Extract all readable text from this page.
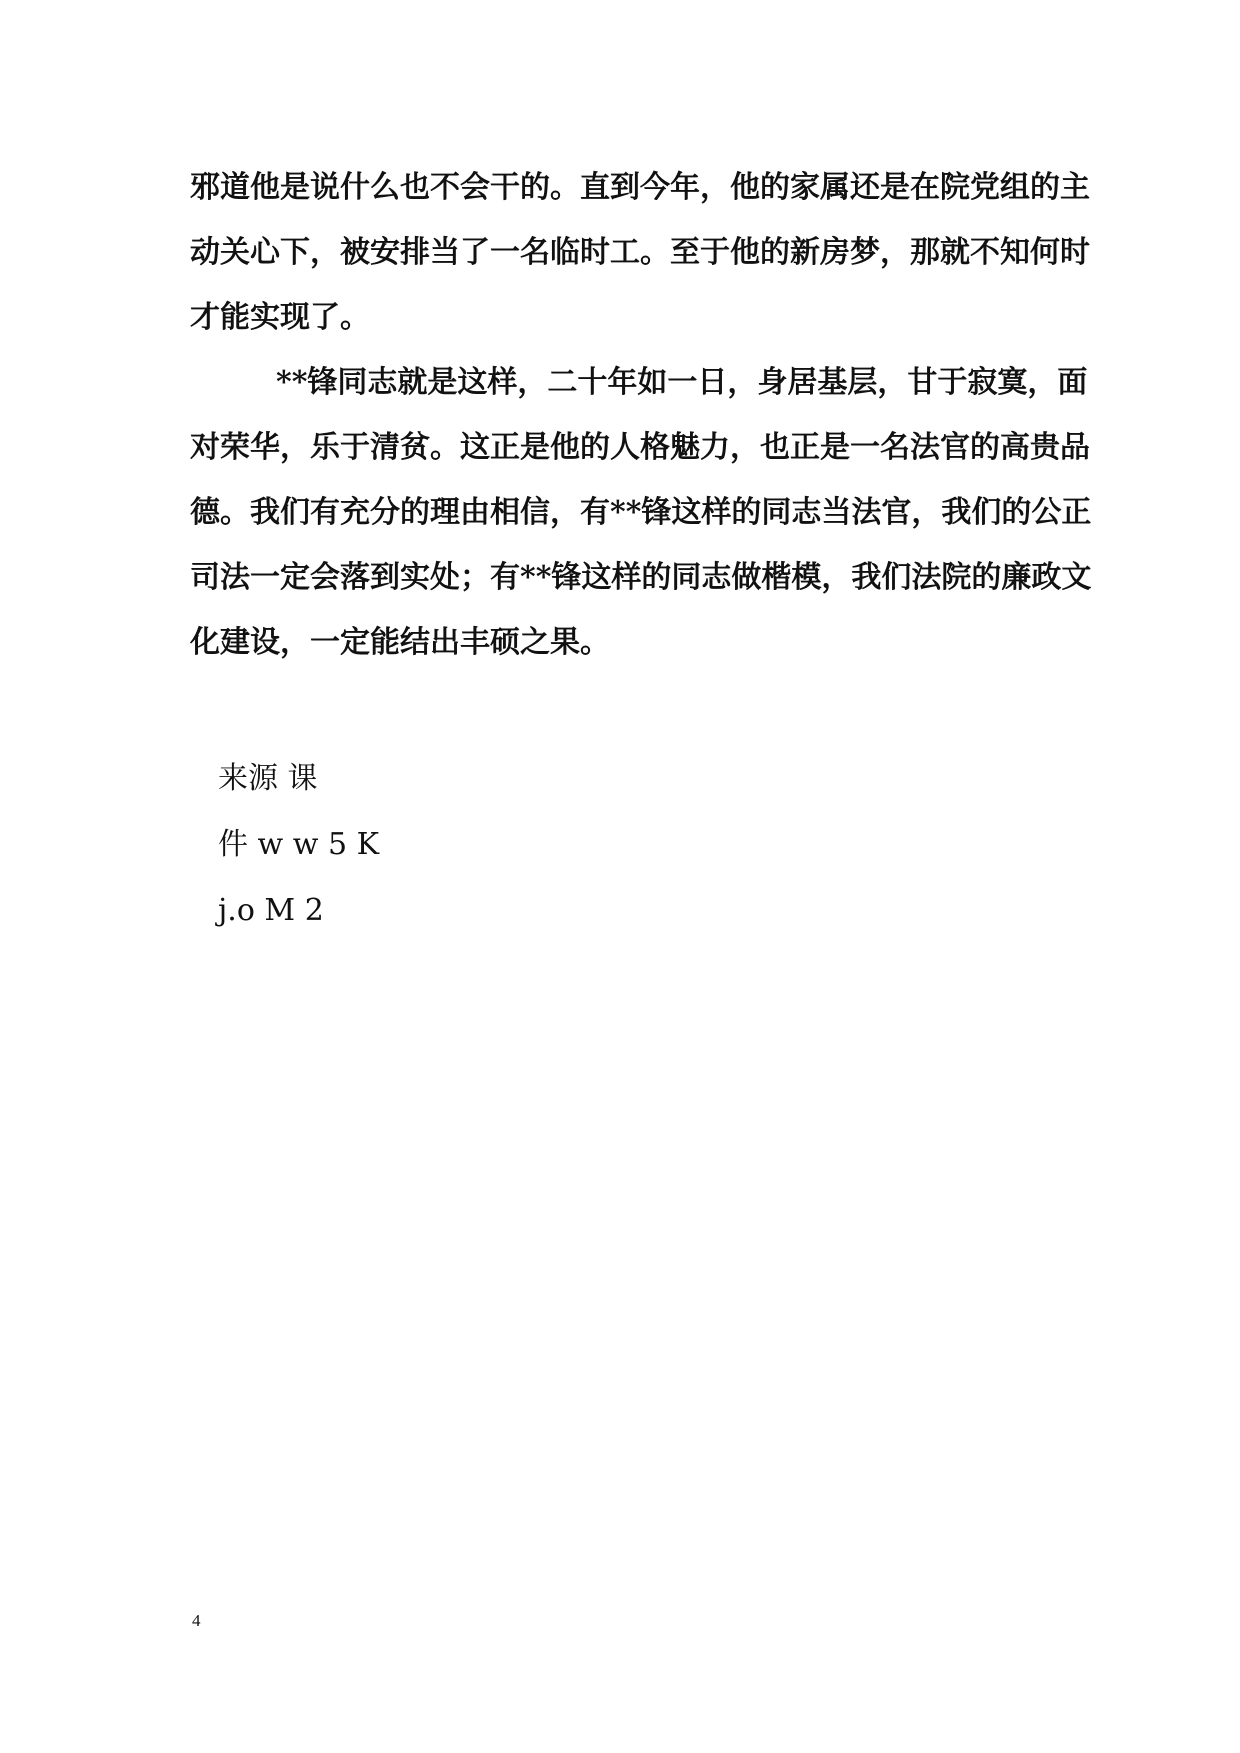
邪道他是说什么也不会干的。直到今年，他的家属还是在院党组的主
动关心下，被安排当了一名临时工。至于他的新房梦，那就不知何时
才能实现了。
**锋同志就是这样，二十年如一日，身居基层，甘于寂寞，面
对荣华，乐于清贫。这正是他的人格魅力，也正是一名法官的高贵品
德。我们有充分的理由相信，有**锋这样的同志当法官，我们的公正
司法一定会落到实处；有**锋这样的同志做楷模，我们法院的廉政文
化建设，一定能结出丰硕之果。
来源 课
件 w w 5 K
j.o M 2
4
